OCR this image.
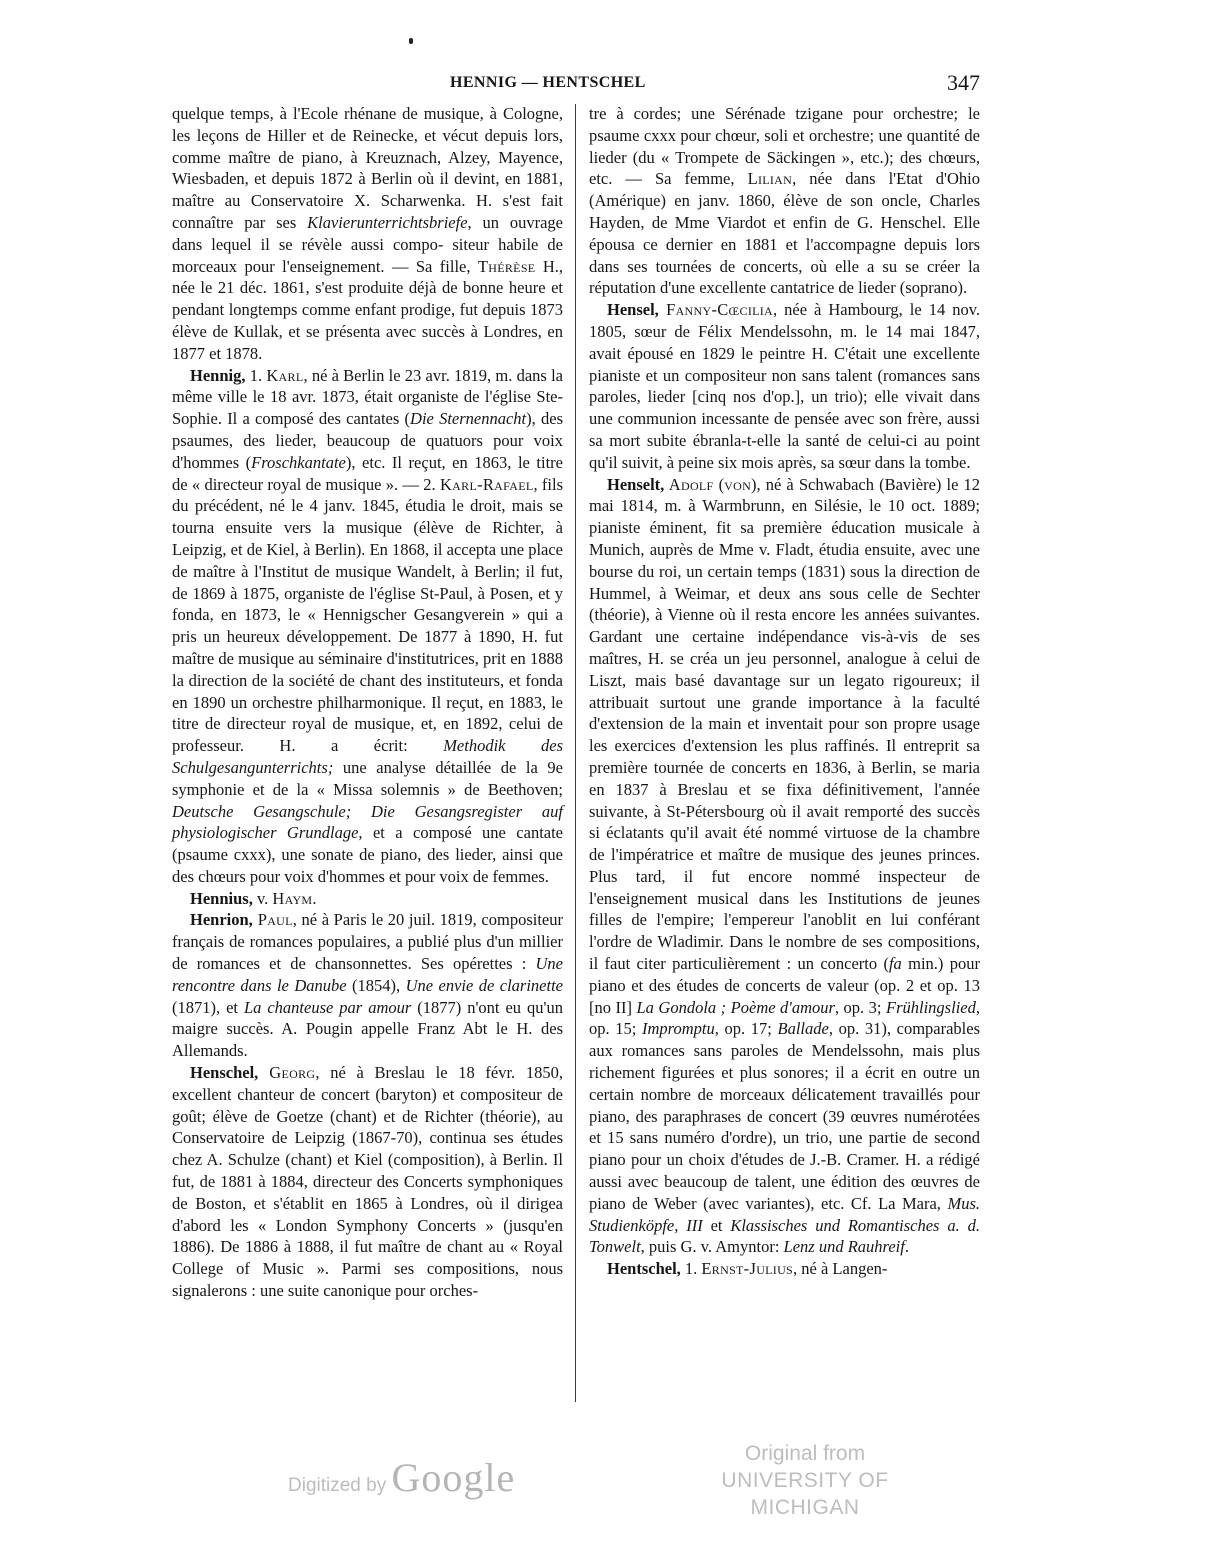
HENNIG — HENTSCHEL	347

quelque temps, à l'Ecole rhénane de musique, à Cologne, les leçons de Hiller et de Reinecke, et vécut depuis lors, comme maître de piano, à Kreuznach, Alzey, Mayence, Wiesbaden, et depuis 1872 à Berlin où il devint, en 1881, maître au Conservatoire X. Scharwenka. H. s'est fait connaître par ses Klavierunterrichtsbriefe, un ouvrage dans lequel il se révèle aussi compo- siteur habile de morceaux pour l'enseignement. — Sa fille, Thérèse H., née le 21 déc. 1861, s'est produite déjà de bonne heure et pendant longtemps comme enfant prodige, fut depuis 1873 élève de Kullak, et se présenta avec succès à Londres, en 1877 et 1878.

Hennig, 1. Karl, né à Berlin le 23 avr. 1819, m. dans la même ville le 18 avr. 1873, était organiste de l'église Ste-Sophie. Il a composé des cantates (Die Sternennacht), des psaumes, des lieder, beaucoup de quatuors pour voix d'hommes (Froschkantate), etc. Il reçut, en 1863, le titre de « directeur royal de musique ». — 2. Karl-Rafael, fils du précédent, né le 4 janv. 1845, étudia le droit, mais se tourna ensuite vers la musique (élève de Richter, à Leipzig, et de Kiel, à Berlin). En 1868, il accepta une place de maître à l'Institut de musique Wandelt, à Berlin; il fut, de 1869 à 1875, organiste de l'église St-Paul, à Posen, et y fonda, en 1873, le « Hennigscher Gesangverein » qui a pris un heureux développement. De 1877 à 1890, H. fut maître de musique au séminaire d'institutrices, prit en 1888 la direction de la société de chant des instituteurs, et fonda en 1890 un orchestre philharmonique. Il reçut, en 1883, le titre de directeur royal de musique, et, en 1892, celui de professeur. H. a écrit: Methodik des Schulgesangunterrichts; une analyse détaillée de la 9e symphonie et de la « Missa solemnis » de Beethoven; Deutsche Gesangschule; Die Gesangsregister auf physiologischer Grundlage, et a composé une cantate (psaume cxxx), une sonate de piano, des lieder, ainsi que des chœurs pour voix d'hommes et pour voix de femmes.

Hennius, v. Haym.

Henrion, Paul, né à Paris le 20 juil. 1819, compositeur français de romances populaires, a publié plus d'un millier de romances et de chansonnettes. Ses opérettes : Une rencontre dans le Danube (1854), Une envie de clarinette (1871), et La chanteuse par amour (1877) n'ont eu qu'un maigre succès. A. Pougin appelle Franz Abt le H. des Allemands.

Henschel, Georg, né à Breslau le 18 févr. 1850, excellent chanteur de concert (baryton) et compositeur de goût; élève de Goetze (chant) et de Richter (théorie), au Conservatoire de Leipzig (1867-70), continua ses études chez A. Schulze (chant) et Kiel (composition), à Berlin. Il fut, de 1881 à 1884, directeur des Concerts symphoniques de Boston, et s'établit en 1865 à Londres, où il dirigea d'abord les « London Symphony Concerts » (jusqu'en 1886). De 1886 à 1888, il fut maître de chant au « Royal College of Music ». Parmi ses compositions, nous signalerons : une suite canonique pour orches-

tre à cordes; une Sérénade tzigane pour orchestre; le psaume cxxx pour chœur, soli et orchestre; une quantité de lieder (du « Trompete de Säckingen », etc.); des chœurs, etc. — Sa femme, Lilian, née dans l'Etat d'Ohio (Amérique) en janv. 1860, élève de son oncle, Charles Hayden, de Mme Viardot et enfin de G. Henschel. Elle épousa ce dernier en 1881 et l'accompagne depuis lors dans ses tournées de concerts, où elle a su se créer la réputation d'une excellente cantatrice de lieder (soprano).

Hensel, Fanny-Cœcilia, née à Hambourg, le 14 nov. 1805, sœur de Félix Mendelssohn, m. le 14 mai 1847, avait épousé en 1829 le peintre H. C'était une excellente pianiste et un compositeur non sans talent (romances sans paroles, lieder [cinq nos d'op.], un trio); elle vivait dans une communion incessante de pensée avec son frère, aussi sa mort subite ébranla-t-elle la santé de celui-ci au point qu'il suivit, à peine six mois après, sa sœur dans la tombe.

Henselt, Adolf (von), né à Schwabach (Bavière) le 12 mai 1814, m. à Warmbrunn, en Silésie, le 10 oct. 1889; pianiste éminent, fit sa première éducation musicale à Munich, auprès de Mme v. Fladt, étudia ensuite, avec une bourse du roi, un certain temps (1831) sous la direction de Hummel, à Weimar, et deux ans sous celle de Sechter (théorie), à Vienne où il resta encore les années suivantes. Gardant une certaine indépendance vis-à-vis de ses maîtres, H. se créa un jeu personnel, analogue à celui de Liszt, mais basé davantage sur un legato rigoureux; il attribuait surtout une grande importance à la faculté d'extension de la main et inventait pour son propre usage les exercices d'extension les plus raffinés. Il entreprit sa première tournée de concerts en 1836, à Berlin, se maria en 1837 à Breslau et se fixa définitivement, l'année suivante, à St-Pétersbourg où il avait remporté des succès si éclatants qu'il avait été nommé virtuose de la chambre de l'impératrice et maître de musique des jeunes princes. Plus tard, il fut encore nommé inspecteur de l'enseignement musical dans les Institutions de jeunes filles de l'empire; l'empereur l'anoblit en lui conférant l'ordre de Wladimir. Dans le nombre de ses compositions, il faut citer particulièrement : un concerto (fa min.) pour piano et des études de concerts de valeur (op. 2 et op. 13 [no II] La Gondola ; Poème d'amour, op. 3; Frühlingslied, op. 15; Impromptu, op. 17; Ballade, op. 31), comparables aux romances sans paroles de Mendelssohn, mais plus richement figurées et plus sonores; il a écrit en outre un certain nombre de morceaux délicatement travaillés pour piano, des paraphrases de concert (39 œuvres numérotées et 15 sans numéro d'ordre), un trio, une partie de second piano pour un choix d'études de J.-B. Cramer. H. a rédigé aussi avec beaucoup de talent, une édition des œuvres de piano de Weber (avec variantes), etc. Cf. La Mara, Mus. Studienköpfe, III et Klassisches und Romantisches a. d. Tonwelt, puis G. v. Amyntor: Lenz und Rauhreif.

Hentschel, 1. Ernst-Julius, né à Langen-

Digitized by Google
Original from
UNIVERSITY OF MICHIGAN
